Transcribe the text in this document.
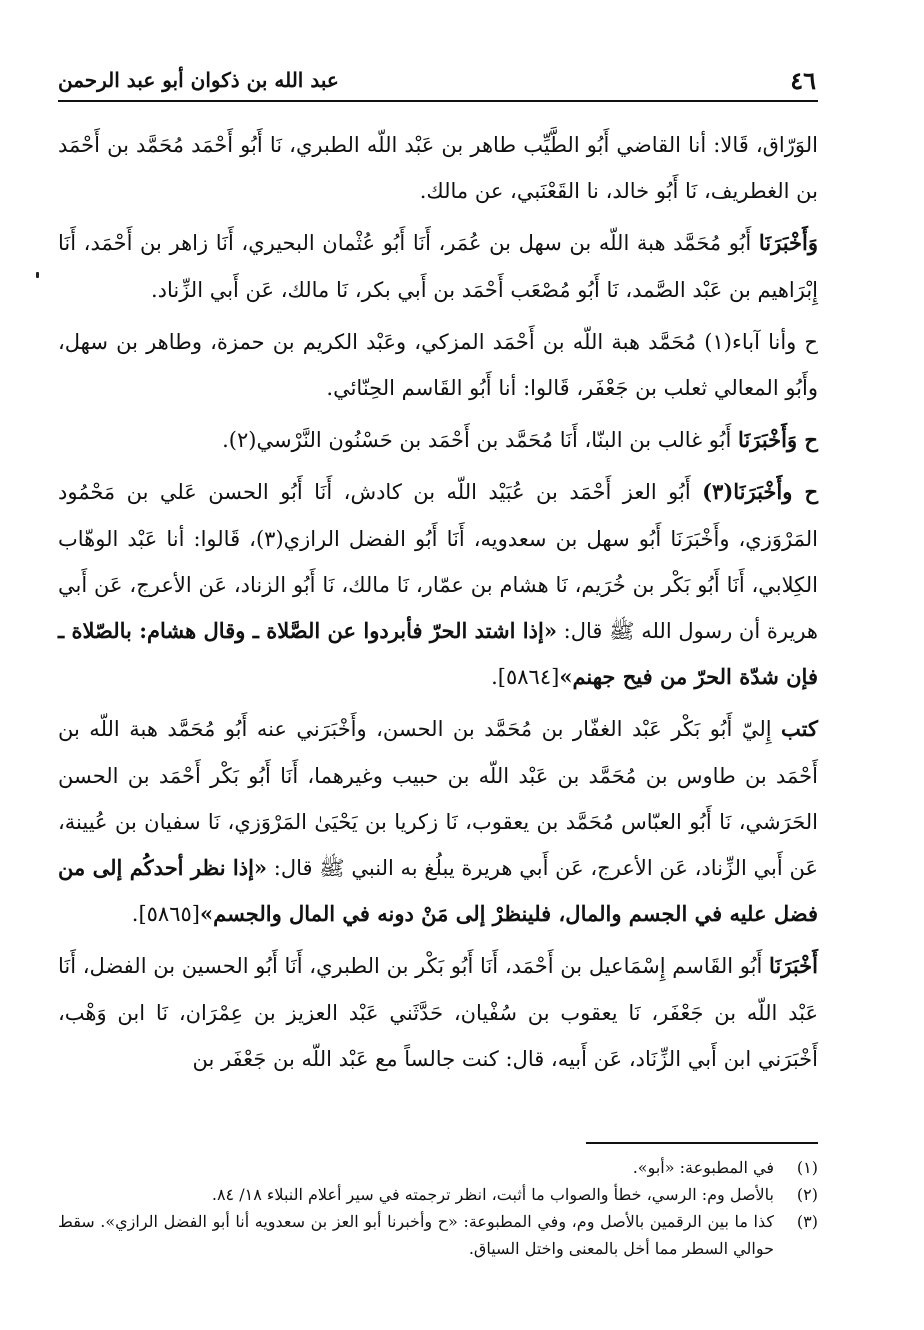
٤٦
عبد الله بن ذكوان أبو عبد الرحمن

الوَرّاق، قَالا: أنا القاضي أَبُو الطَّيِّب طاهر بن عَبْد اللّه الطبري، نَا أَبُو أَحْمَد مُحَمَّد بن أَحْمَد بن الغطريف، نَا أَبُو خالد، نا القَعْنَبي، عن مالك.

وَأَخْبَرَنَا أَبُو مُحَمَّد هبة اللّه بن سهل بن عُمَر، أَنَا أَبُو عُثْمان البحيري، أَنَا زاهر بن أَحْمَد، أَنَا إِبْرَاهيم بن عَبْد الصَّمد، نَا أَبُو مُصْعَب أَحْمَد بن أَبي بكر، نَا مالك، عَن أَبي الزِّناد.

ح وأنا آباء(١) مُحَمَّد هبة اللّه بن أَحْمَد المزكي، وعَبْد الكريم بن حمزة، وطاهر بن سهل، وأَبُو المعالي ثعلب بن جَعْفَر، قَالوا: أنا أَبُو القَاسم الحِنّائي.

ح وَأَخْبَرَنَا أَبُو غالب بن البنّا، أَنَا مُحَمَّد بن أَحْمَد بن حَسْنُون النَّرْسي(٢).

ح وأَخْبَرَنَا(٣) أَبُو العز أَحْمَد بن عُبَيْد اللّه بن كادش، أَنَا أَبُو الحسن عَلي بن مَحْمُود المَرْوَزي، وأَخْبَرَنَا أَبُو سهل بن سعدويه، أَنَا أَبُو الفضل الرازي(٣)، قَالوا: أنا عَبْد الوهّاب الكِلابي، أَنَا أَبُو بَكْر بن خُرَيم، نَا هشام بن عمّار، نَا مالك، نَا أَبُو الزناد، عَن الأعرج، عَن أَبي هريرة أن رسول الله ﷺ قال: «إذا اشتد الحرّ فأبردوا عن الصَّلاة ـ وقال هشام: بالصّلاة ـ فإن شدّة الحرّ من فيح جهنم»[٥٨٦٤].

كتب إِليّ أَبُو بَكْر عَبْد الغفّار بن مُحَمَّد بن الحسن، وأَخْبَرَني عنه أَبُو مُحَمَّد هبة اللّه بن أَحْمَد بن طاوس بن مُحَمَّد بن عَبْد اللّه بن حبيب وغيرهما، أَنَا أَبُو بَكْر أَحْمَد بن الحسن الحَرَشي، نَا أَبُو العبّاس مُحَمَّد بن يعقوب، نَا زكريا بن يَحْيَىٰ المَرْوَزي، نَا سفيان بن عُيينة، عَن أَبي الزِّناد، عَن الأعرج، عَن أَبي هريرة يبلُغ به النبي ﷺ قال: «إذا نظر أحدكُم إلى من فضل عليه في الجسم والمال، فلينظرْ إلى مَنْ دونه في المال والجسم»[٥٨٦٥].

أَخْبَرَنَا أَبُو القَاسم إِسْمَاعيل بن أَحْمَد، أَنَا أَبُو بَكْر بن الطبري، أَنَا أَبُو الحسين بن الفضل، أَنَا عَبْد اللّه بن جَعْفَر، نَا يعقوب بن سُفْيان، حَدَّثَني عَبْد العزيز بن عِمْرَان، نَا ابن وَهْب، أَخْبَرَني ابن أَبي الزِّنَاد، عَن أَبيه، قال: كنت جالساً مع عَبْد اللّه بن جَعْفَر بن

(١)
في المطبوعة: «أبو».
(٢)
بالأصل وم: الرسي، خطأ والصواب ما أثبت، انظر ترجمته في سير أعلام النبلاء ١٨/ ٨٤.
(٣)
كذا ما بين الرقمين بالأصل وم، وفي المطبوعة: «ح وأخبرنا أبو العز بن سعدويه أنا أبو الفضل الرازي». سقط حوالي السطر مما أخل بالمعنى واختل السياق.
